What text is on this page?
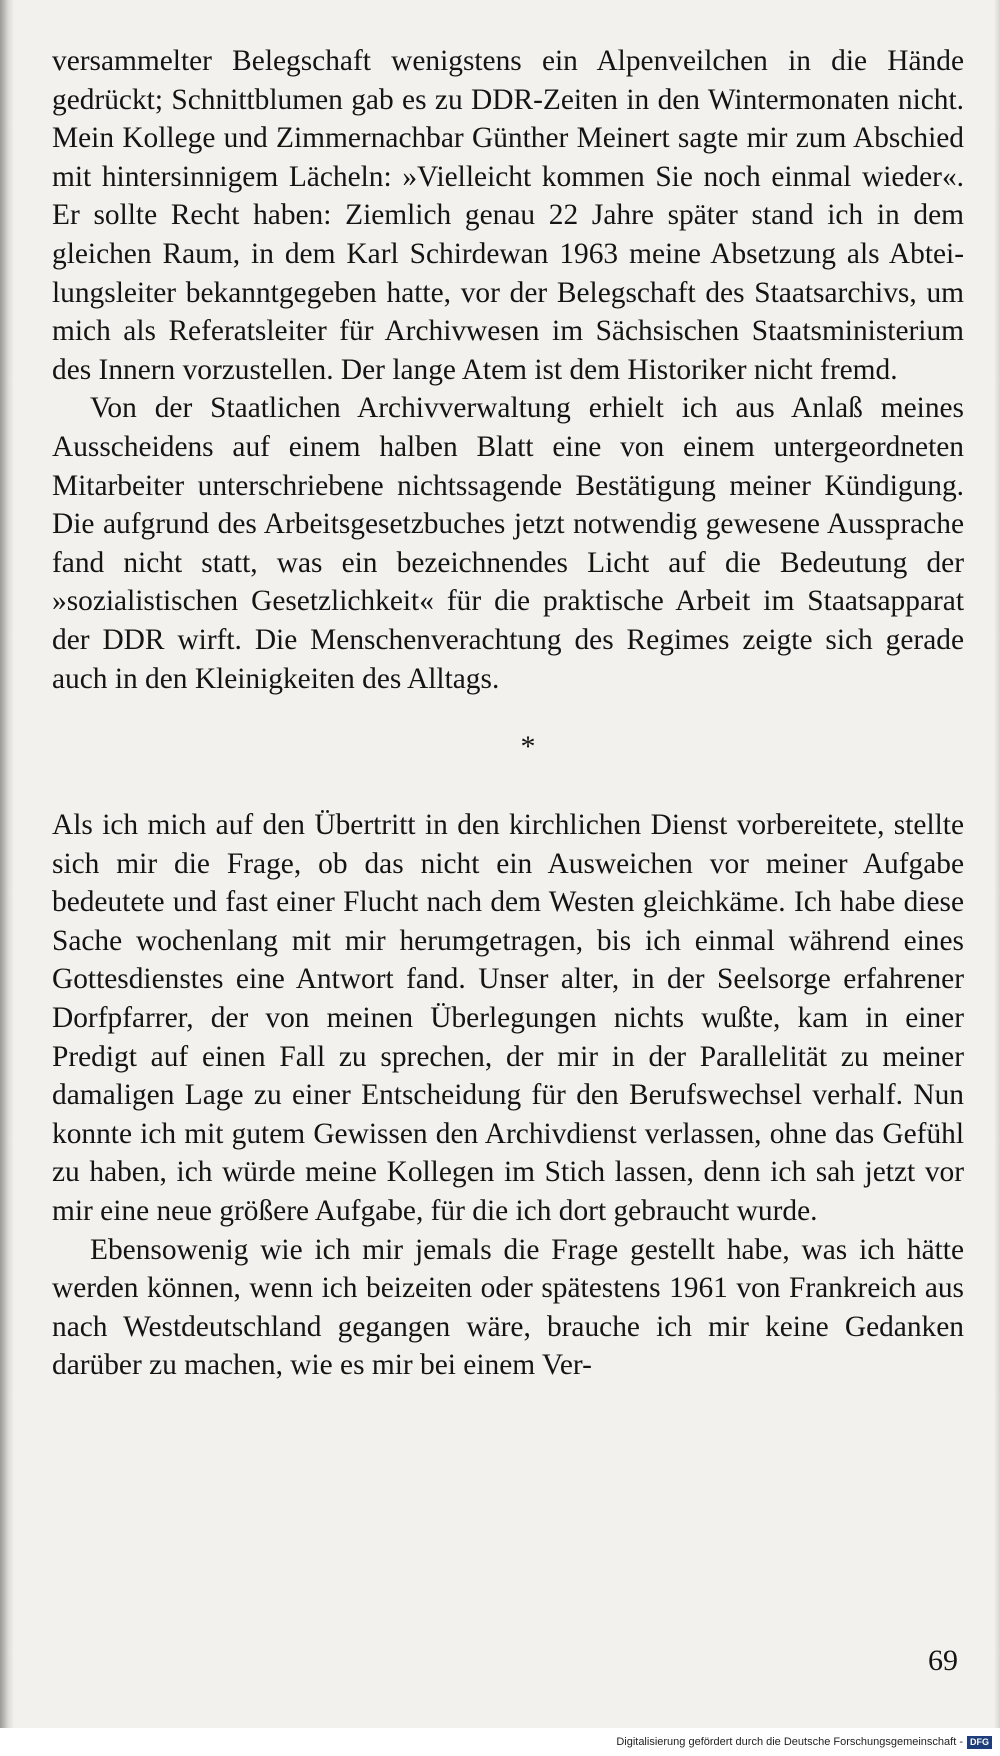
versammelter Belegschaft wenigstens ein Alpenveilchen in die Hände gedrückt; Schnittblumen gab es zu DDR-Zeiten in den Wintermonaten nicht. Mein Kollege und Zimmernachbar Günther Meinert sagte mir zum Abschied mit hintersinnigem Lächeln: »Vielleicht kommen Sie noch einmal wieder«. Er sollte Recht haben: Ziemlich genau 22 Jahre später stand ich in dem gleichen Raum, in dem Karl Schirdewan 1963 meine Absetzung als Abteilungsleiter bekanntgegeben hatte, vor der Belegschaft des Staatsarchivs, um mich als Referatsleiter für Archivwesen im Sächsischen Staatsministerium des Innern vorzustellen. Der lange Atem ist dem Historiker nicht fremd.

Von der Staatlichen Archivverwaltung erhielt ich aus Anlaß meines Ausscheidens auf einem halben Blatt eine von einem untergeordneten Mitarbeiter unterschriebene nichtssagende Bestätigung meiner Kündigung. Die aufgrund des Arbeitsgesetzbuches jetzt notwendig gewesene Aussprache fand nicht statt, was ein bezeichnendes Licht auf die Bedeutung der »sozialistischen Gesetzlichkeit« für die praktische Arbeit im Staatsapparat der DDR wirft. Die Menschenverachtung des Regimes zeigte sich gerade auch in den Kleinigkeiten des Alltags.

*

Als ich mich auf den Übertritt in den kirchlichen Dienst vorbereitete, stellte sich mir die Frage, ob das nicht ein Ausweichen vor meiner Aufgabe bedeutete und fast einer Flucht nach dem Westen gleichkäme. Ich habe diese Sache wochenlang mit mir herumgetragen, bis ich einmal während eines Gottesdienstes eine Antwort fand. Unser alter, in der Seelsorge erfahrener Dorfpfarrer, der von meinen Überlegungen nichts wußte, kam in einer Predigt auf einen Fall zu sprechen, der mir in der Parallelität zu meiner damaligen Lage zu einer Entscheidung für den Berufswechsel verhalf. Nun konnte ich mit gutem Gewissen den Archivdienst verlassen, ohne das Gefühl zu haben, ich würde meine Kollegen im Stich lassen, denn ich sah jetzt vor mir eine neue größere Aufgabe, für die ich dort gebraucht wurde.

Ebensowenig wie ich mir jemals die Frage gestellt habe, was ich hätte werden können, wenn ich beizeiten oder spätestens 1961 von Frankreich aus nach Westdeutschland gegangen wäre, brauche ich mir keine Gedanken darüber zu machen, wie es mir bei einem Ver-

69
Digitalisierung gefördert durch die Deutsche Forschungsgemeinschaft - DFG
